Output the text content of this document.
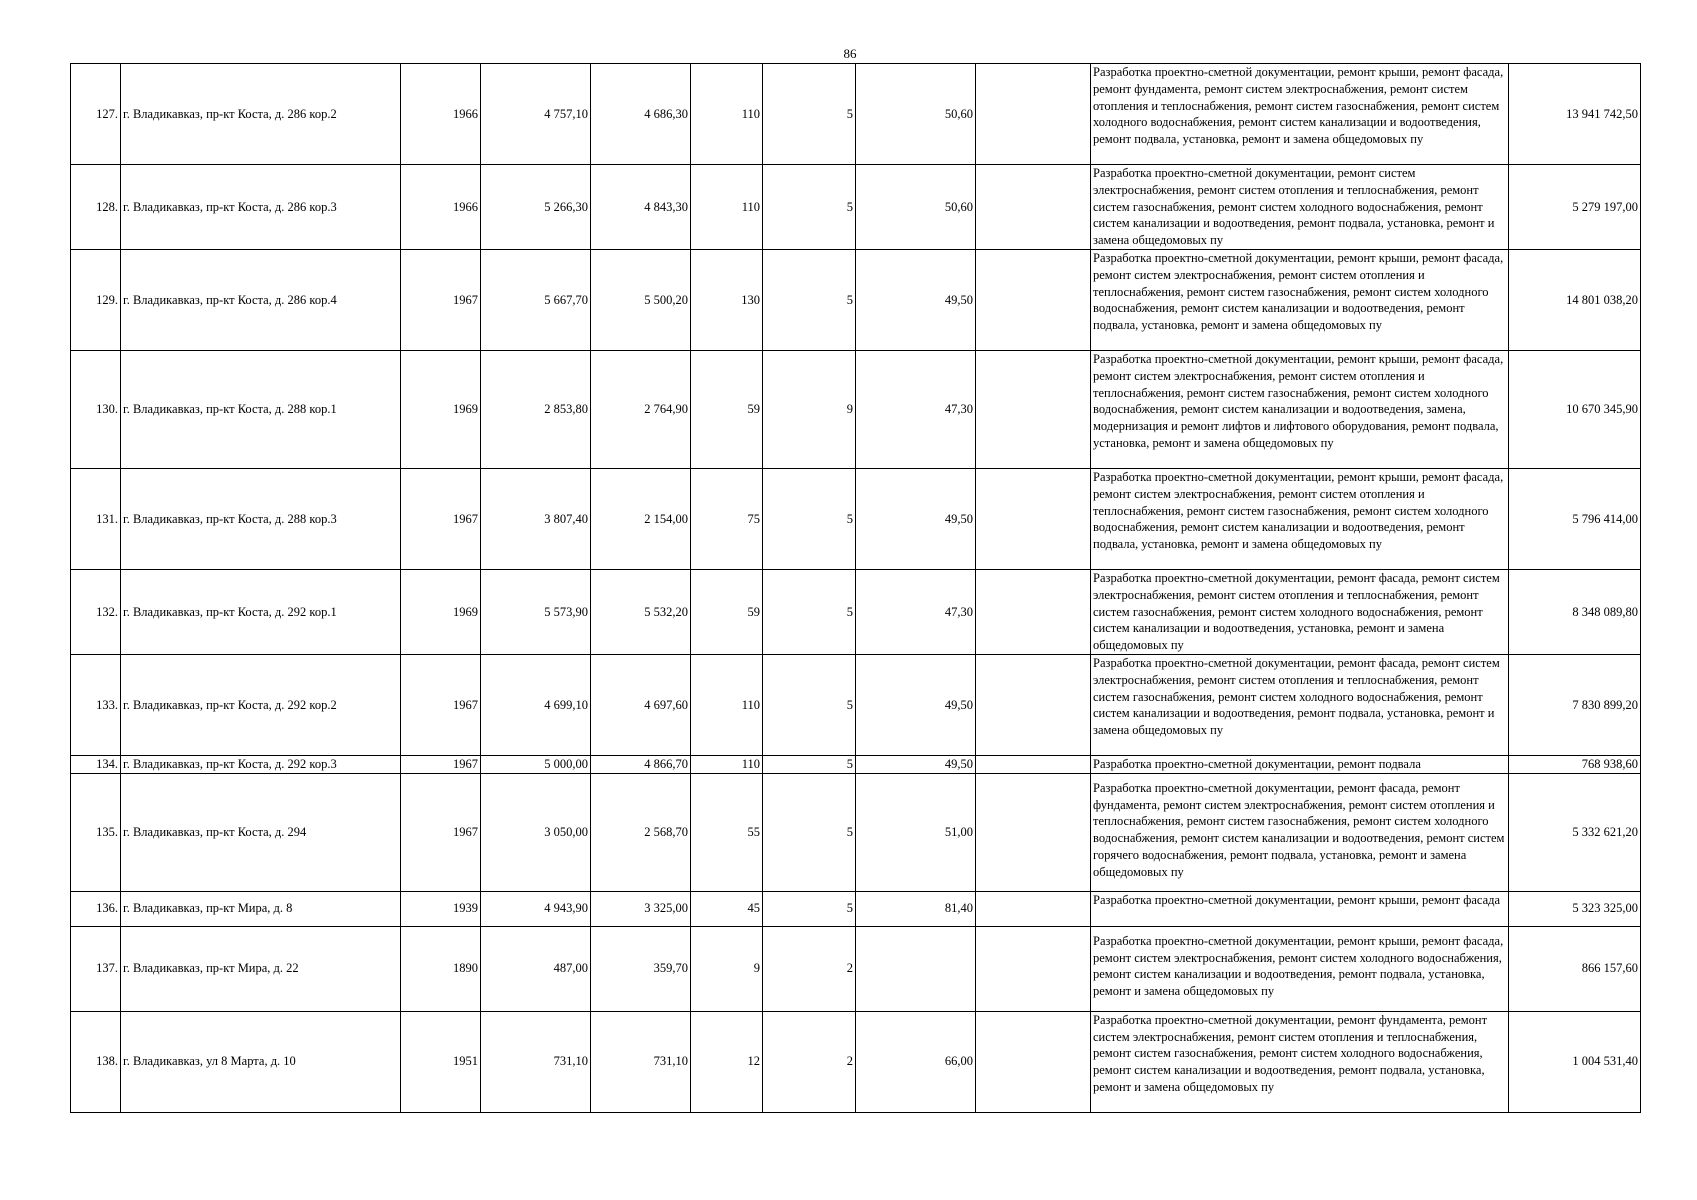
86
127.	г. Владикавказ, пр-кт Коста, д. 286 кор.2	1966	4 757,10	4 686,30	110	5	50,60		Разработка проектно-сметной документации, ремонт крыши, ремонт фасада, ремонт фундамента, ремонт систем электроснабжения, ремонт систем отопления и теплоснабжения, ремонт систем газоснабжения, ремонт систем холодного водоснабжения, ремонт систем канализации и водоотведения, ремонт подвала, установка, ремонт и замена общедомовых пу	13 941 742,50
128.	г. Владикавказ, пр-кт Коста, д. 286 кор.3	1966	5 266,30	4 843,30	110	5	50,60		Разработка проектно-сметной документации, ремонт систем электроснабжения, ремонт систем отопления и теплоснабжения, ремонт систем газоснабжения, ремонт систем холодного водоснабжения, ремонт систем канализации и водоотведения, ремонт подвала, установка, ремонт и замена общедомовых пу	5 279 197,00
129.	г. Владикавказ, пр-кт Коста, д. 286 кор.4	1967	5 667,70	5 500,20	130	5	49,50		Разработка проектно-сметной документации, ремонт крыши, ремонт фасада, ремонт систем электроснабжения, ремонт систем отопления и теплоснабжения, ремонт систем газоснабжения, ремонт систем холодного водоснабжения, ремонт систем канализации и водоотведения, ремонт подвала, установка, ремонт и замена общедомовых пу	14 801 038,20
130.	г. Владикавказ, пр-кт Коста, д. 288 кор.1	1969	2 853,80	2 764,90	59	9	47,30		Разработка проектно-сметной документации, ремонт крыши, ремонт фасада, ремонт систем электроснабжения, ремонт систем отопления и теплоснабжения, ремонт систем газоснабжения, ремонт систем холодного водоснабжения, ремонт систем канализации и водоотведения, замена, модернизация и ремонт лифтов и лифтового оборудования, ремонт подвала, установка, ремонт и замена общедомовых пу	10 670 345,90
131.	г. Владикавказ, пр-кт Коста, д. 288 кор.3	1967	3 807,40	2 154,00	75	5	49,50		Разработка проектно-сметной документации, ремонт крыши, ремонт фасада, ремонт систем электроснабжения, ремонт систем отопления и теплоснабжения, ремонт систем газоснабжения, ремонт систем холодного водоснабжения, ремонт систем канализации и водоотведения, ремонт подвала, установка, ремонт и замена общедомовых пу	5 796 414,00
132.	г. Владикавказ, пр-кт Коста, д. 292 кор.1	1969	5 573,90	5 532,20	59	5	47,30		Разработка проектно-сметной документации, ремонт фасада, ремонт систем электроснабжения, ремонт систем отопления и теплоснабжения, ремонт систем газоснабжения, ремонт систем холодного водоснабжения, ремонт систем канализации и водоотведения, установка, ремонт и замена общедомовых пу	8 348 089,80
133.	г. Владикавказ, пр-кт Коста, д. 292 кор.2	1967	4 699,10	4 697,60	110	5	49,50		Разработка проектно-сметной документации, ремонт фасада, ремонт систем электроснабжения, ремонт систем отопления и теплоснабжения, ремонт систем газоснабжения, ремонт систем холодного водоснабжения, ремонт систем канализации и водоотведения, ремонт подвала, установка, ремонт и замена общедомовых пу	7 830 899,20
134.	г. Владикавказ, пр-кт Коста, д. 292 кор.3	1967	5 000,00	4 866,70	110	5	49,50		Разработка проектно-сметной документации, ремонт подвала	768 938,60
135.	г. Владикавказ, пр-кт Коста, д. 294	1967	3 050,00	2 568,70	55	5	51,00		Разработка проектно-сметной документации, ремонт фасада, ремонт фундамента, ремонт систем электроснабжения, ремонт систем отопления и теплоснабжения, ремонт систем газоснабжения, ремонт систем холодного водоснабжения, ремонт систем канализации и водоотведения, ремонт систем горячего водоснабжения, ремонт подвала, установка, ремонт и замена общедомовых пу	5 332 621,20
136.	г. Владикавказ, пр-кт Мира, д. 8	1939	4 943,90	3 325,00	45	5	81,40		Разработка проектно-сметной документации, ремонт крыши, ремонт фасада	5 323 325,00
137.	г. Владикавказ, пр-кт Мира, д. 22	1890	487,00	359,70	9	2			Разработка проектно-сметной документации, ремонт крыши, ремонт фасада, ремонт систем электроснабжения, ремонт систем холодного водоснабжения, ремонт систем канализации и водоотведения, ремонт подвала, установка, ремонт и замена общедомовых пу	866 157,60
138.	г. Владикавказ, ул 8 Марта, д. 10	1951	731,10	731,10	12	2	66,00		Разработка проектно-сметной документации, ремонт фундамента, ремонт систем электроснабжения, ремонт систем отопления и теплоснабжения, ремонт систем газоснабжения, ремонт систем холодного водоснабжения, ремонт систем канализации и водоотведения, ремонт подвала, установка, ремонт и замена общедомовых пу	1 004 531,40
